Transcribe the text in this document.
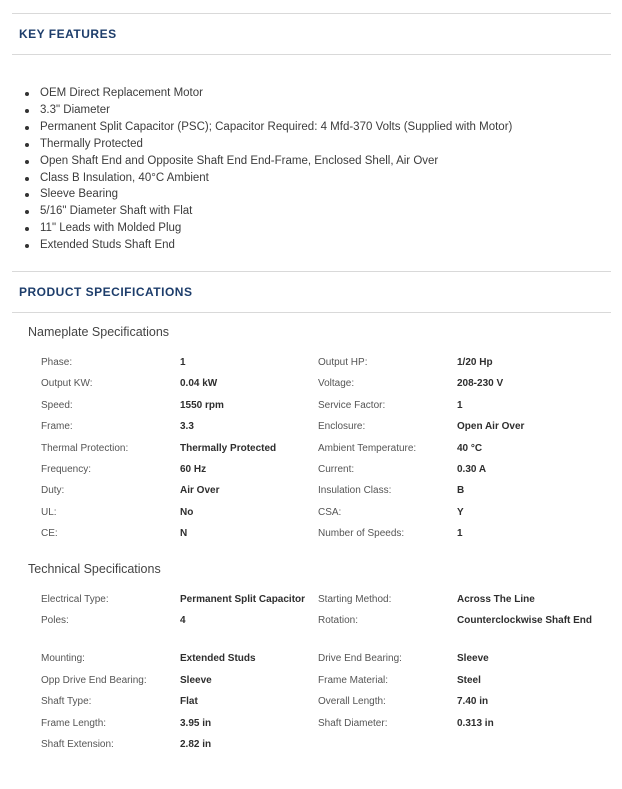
KEY FEATURES
OEM Direct Replacement Motor
3.3" Diameter
Permanent Split Capacitor (PSC); Capacitor Required: 4 Mfd-370 Volts (Supplied with Motor)
Thermally Protected
Open Shaft End and Opposite Shaft End End-Frame, Enclosed Shell, Air Over
Class B Insulation, 40°C Ambient
Sleeve Bearing
5/16" Diameter Shaft with Flat
11" Leads with Molded Plug
Extended Studs Shaft End
PRODUCT SPECIFICATIONS
Nameplate Specifications
Phase:	1	Output HP:	1/20 Hp
Output KW:	0.04 kW	Voltage:	208-230 V
Speed:	1550 rpm	Service Factor:	1
Frame:	3.3	Enclosure:	Open Air Over
Thermal Protection:	Thermally Protected	Ambient Temperature:	40 °C
Frequency:	60 Hz	Current:	0.30 A
Duty:	Air Over	Insulation Class:	B
UL:	No	CSA:	Y
CE:	N	Number of Speeds:	1
Technical Specifications
Electrical Type:	Permanent Split Capacitor	Starting Method:	Across The Line
Poles:	4	Rotation:	Counterclockwise Shaft End
Mounting:	Extended Studs	Drive End Bearing:	Sleeve
Opp Drive End Bearing:	Sleeve	Frame Material:	Steel
Shaft Type:	Flat	Overall Length:	7.40 in
Frame Length:	3.95 in	Shaft Diameter:	0.313 in
Shaft Extension:	2.82 in		
